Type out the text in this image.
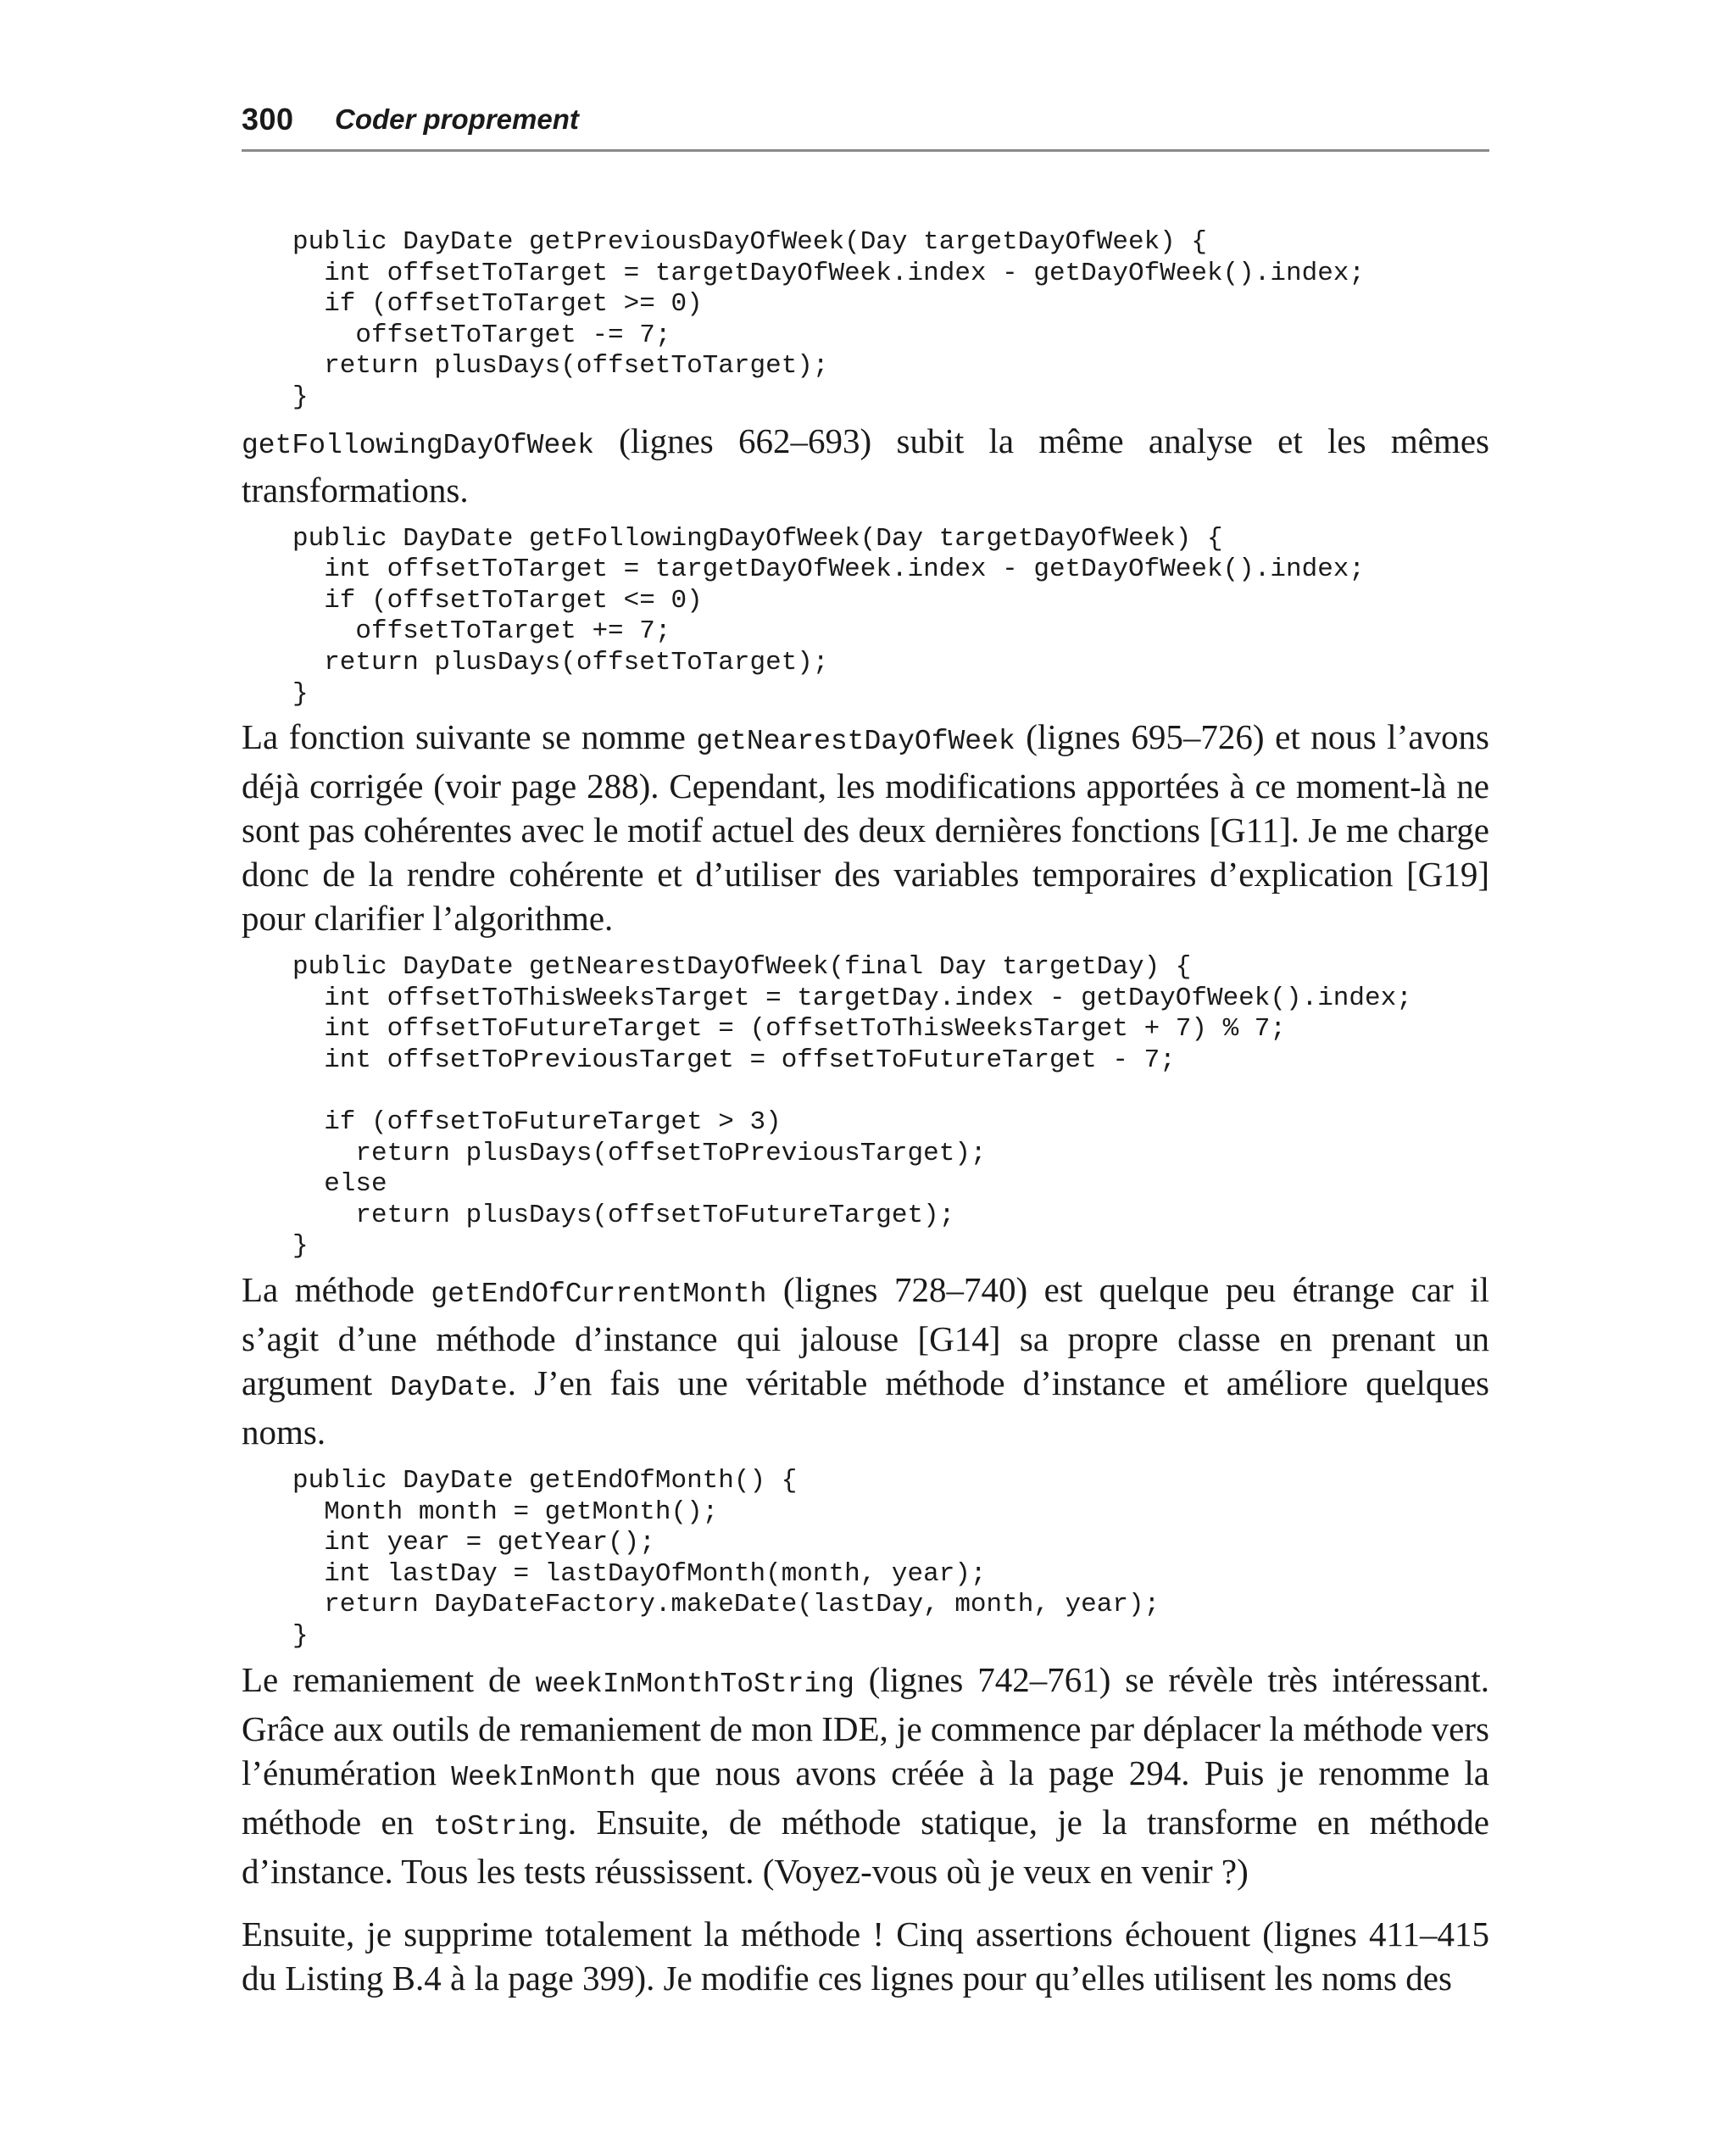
300 Coder proprement
public DayDate getPreviousDayOfWeek(Day targetDayOfWeek) {
int offsetToTarget = targetDayOfWeek.index - getDayOfWeek().index;
if (offsetToTarget >= 0)
offsetToTarget -= 7;
return plusDays(offsetToTarget);
}

getFollowingDayOfWeek (lignes 662–693) subit la même analyse et les mêmes transformations.

public DayDate getFollowingDayOfWeek(Day targetDayOfWeek) {
int offsetToTarget = targetDayOfWeek.index - getDayOfWeek().index;
if (offsetToTarget <= 0)
offsetToTarget += 7;
return plusDays(offsetToTarget);
}

La fonction suivante se nomme getNearestDayOfWeek (lignes 695–726) et nous l’avons déjà corrigée (voir page 288). Cependant, les modifications apportées à ce moment-là ne sont pas cohérentes avec le motif actuel des deux dernières fonctions [G11]. Je me charge donc de la rendre cohérente et d’utiliser des variables temporaires d’explication [G19] pour clarifier l’algorithme.

public DayDate getNearestDayOfWeek(final Day targetDay) {
int offsetToThisWeeksTarget = targetDay.index - getDayOfWeek().index;
int offsetToFutureTarget = (offsetToThisWeeksTarget + 7) % 7;
int offsetToPreviousTarget = offsetToFutureTarget - 7;

if (offsetToFutureTarget > 3)
return plusDays(offsetToPreviousTarget);
else
return plusDays(offsetToFutureTarget);
}

La méthode getEndOfCurrentMonth (lignes 728–740) est quelque peu étrange car il s’agit d’une méthode d’instance qui jalouse [G14] sa propre classe en prenant un argument DayDate. J’en fais une véritable méthode d’instance et améliore quelques noms.

public DayDate getEndOfMonth() {
Month month = getMonth();
int year = getYear();
int lastDay = lastDayOfMonth(month, year);
return DayDateFactory.makeDate(lastDay, month, year);
}

Le remaniement de weekInMonthToString (lignes 742–761) se révèle très intéressant. Grâce aux outils de remaniement de mon IDE, je commence par déplacer la méthode vers l’énumération WeekInMonth que nous avons créée à la page 294. Puis je renomme la méthode en toString. Ensuite, de méthode statique, je la transforme en méthode d’instance. Tous les tests réussissent. (Voyez-vous où je veux en venir ?)

Ensuite, je supprime totalement la méthode ! Cinq assertions échouent (lignes 411–415 du Listing B.4 à la page 399). Je modifie ces lignes pour qu’elles utilisent les noms des
